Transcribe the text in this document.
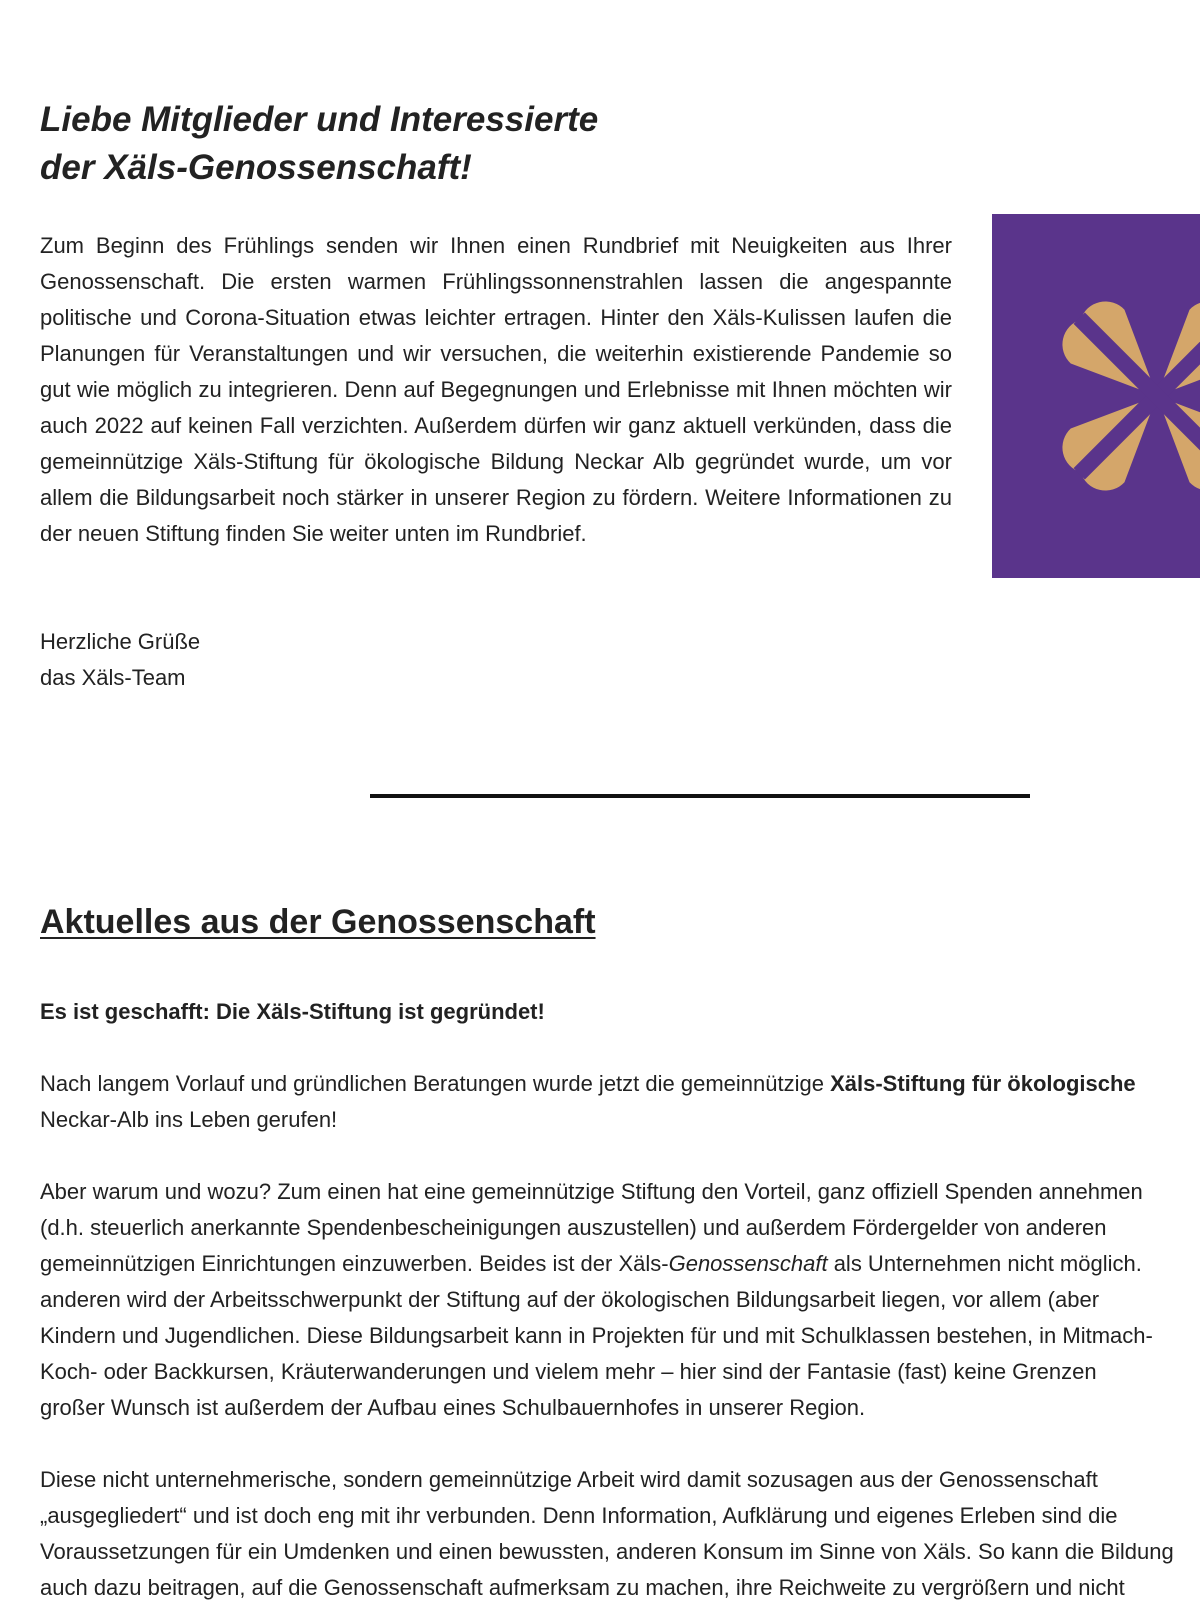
Liebe Mitglieder und Interessierte
der Xäls-Genossenschaft!

Zum Beginn des Frühlings senden wir Ihnen einen Rundbrief mit Neuigkeiten aus Ihrer Genossenschaft. Die ersten warmen Frühlingssonnenstrahlen lassen die angespannte politische und Corona-Situation etwas leichter ertragen. Hinter den Xäls-Kulissen laufen die Planungen für Veranstaltungen und wir versuchen, die weiterhin existierende Pandemie so gut wie möglich zu integrieren. Denn auf Begegnungen und Erlebnisse mit Ihnen möchten wir auch 2022 auf keinen Fall verzichten. Außerdem dürfen wir ganz aktuell verkünden, dass die gemeinnützige Xäls-Stiftung für ökologische Bildung Neckar Alb gegründet wurde, um vor allem die Bildungsarbeit noch stärker in unserer Region zu fördern. Weitere Informationen zu der neuen Stiftung finden Sie weiter unten im Rundbrief.

Herzliche Grüße
das Xäls-Team

Aktuelles aus der Genossenschaft

Es ist geschafft: Die Xäls-Stiftung ist gegründet!

Nach langem Vorlauf und gründlichen Beratungen wurde jetzt die gemeinnützige Xäls-Stiftung für ökologische
Neckar-Alb ins Leben gerufen!

Aber warum und wozu? Zum einen hat eine gemeinnützige Stiftung den Vorteil, ganz offiziell Spenden annehmen
(d.h. steuerlich anerkannte Spendenbescheinigungen auszustellen) und außerdem Fördergelder von anderen
gemeinnützigen Einrichtungen einzuwerben. Beides ist der Xäls-Genossenschaft als Unternehmen nicht möglich.
anderen wird der Arbeitsschwerpunkt der Stiftung auf der ökologischen Bildungsarbeit liegen, vor allem (aber
Kindern und Jugendlichen. Diese Bildungsarbeit kann in Projekten für und mit Schulklassen bestehen, in Mitmach-
Koch- oder Backkursen, Kräuterwanderungen und vielem mehr – hier sind der Fantasie (fast) keine Grenzen
großer Wunsch ist außerdem der Aufbau eines Schulbauernhofes in unserer Region.

Diese nicht unternehmerische, sondern gemeinnützige Arbeit wird damit sozusagen aus der Genossenschaft
„ausgegliedert“ und ist doch eng mit ihr verbunden. Denn Information, Aufklärung und eigenes Erleben sind die
Voraussetzungen für ein Umdenken und einen bewussten, anderen Konsum im Sinne von Xäls. So kann die Bildung
auch dazu beitragen, auf die Genossenschaft aufmerksam zu machen, ihre Reichweite zu vergrößern und nicht
